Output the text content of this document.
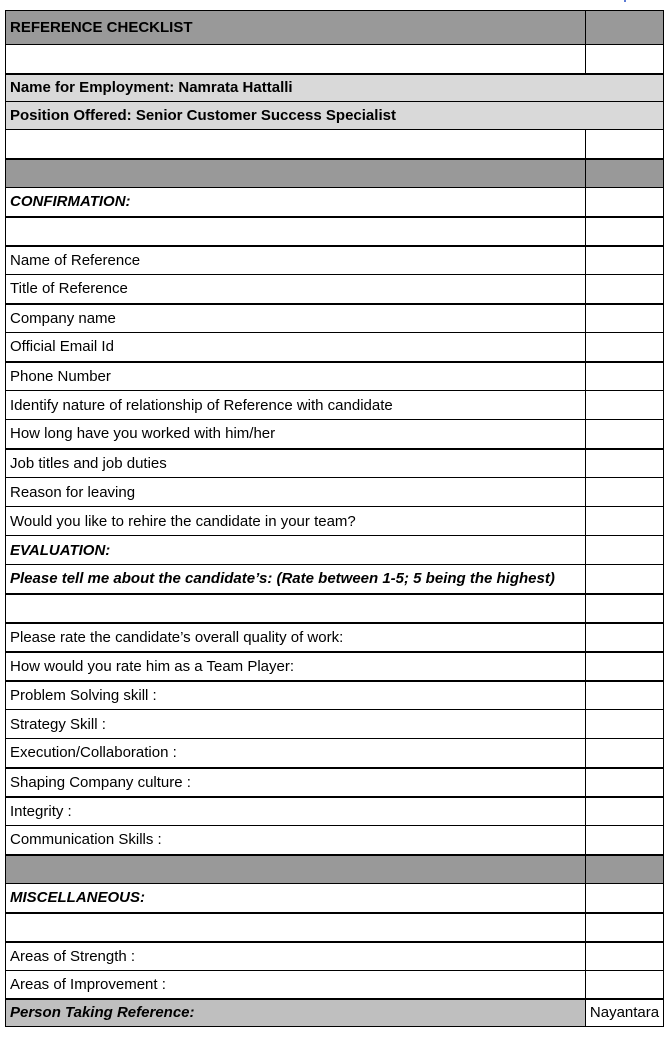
REFERENCE CHECKLIST	

Name for Employment: Namrata Hattalli	
Position Offered: Senior Customer Success Specialist	

CONFIRMATION:	

Name of Reference	
Title of Reference	
Company name	
Official Email Id	
Phone Number	
Identify nature of relationship of Reference with candidate	
How long have you worked with him/her	
Job titles and job duties	
Reason for leaving	
Would you like to rehire the candidate in your team?	
EVALUATION:	
Please tell me about the candidate’s: (Rate between 1-5; 5 being the highest)	

Please rate the candidate’s overall quality of work:	
How would you rate him as a Team Player:	
Problem Solving skill :	
Strategy Skill :	
Execution/Collaboration :	
Shaping Company culture :	
Integrity :	
Communication Skills :	

MISCELLANEOUS:	

Areas of Strength :	
Areas of Improvement :	
Person Taking Reference:	Nayantara
